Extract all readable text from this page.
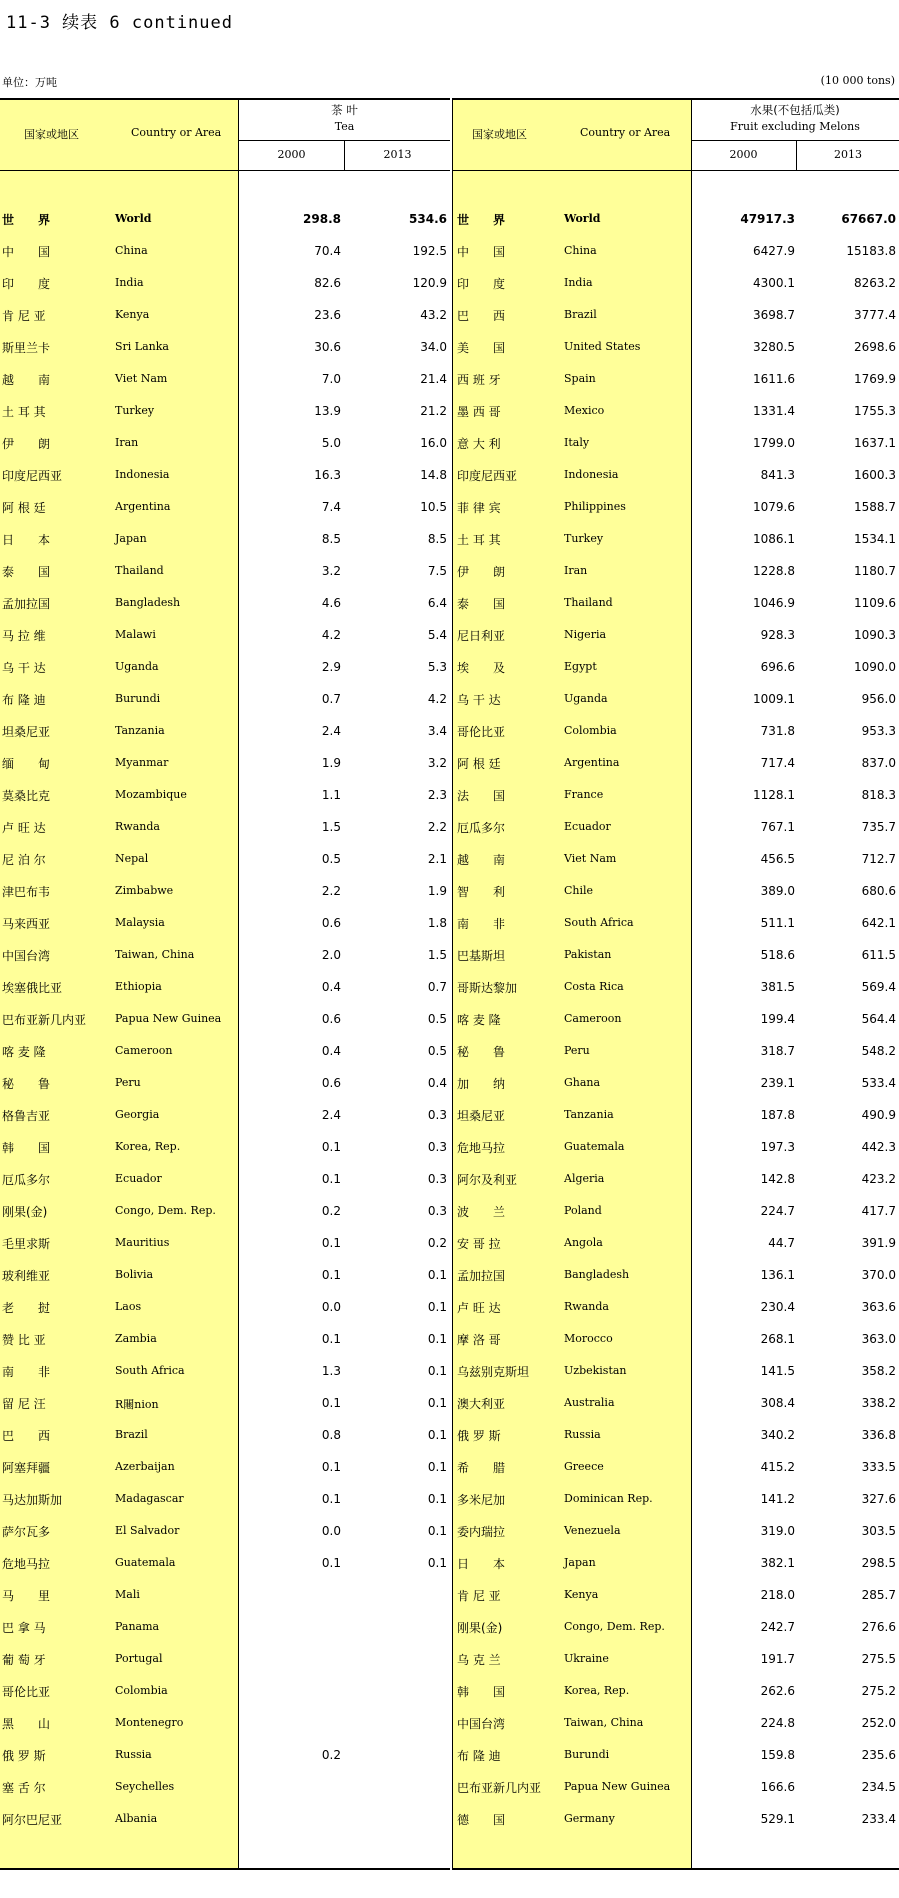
11-3 续表 6 continued
单位：万吨	(10 000 tons)
国家或地区	Country or Area
茶 叶
Tea
2000	2013
世　　界	World	298.8	534.6
中　　国	China	70.4	192.5
印　　度	India	82.6	120.9
肯 尼 亚	Kenya	23.6	43.2
斯里兰卡	Sri Lanka	30.6	34.0
越　　南	Viet Nam	7.0	21.4
土 耳 其	Turkey	13.9	21.2
伊　　朗	Iran	5.0	16.0
印度尼西亚	Indonesia	16.3	14.8
阿 根 廷	Argentina	7.4	10.5
日　　本	Japan	8.5	8.5
泰　　国	Thailand	3.2	7.5
孟加拉国	Bangladesh	4.6	6.4
马 拉 维	Malawi	4.2	5.4
乌 干 达	Uganda	2.9	5.3
布 隆 迪	Burundi	0.7	4.2
坦桑尼亚	Tanzania	2.4	3.4
缅　　甸	Myanmar	1.9	3.2
莫桑比克	Mozambique	1.1	2.3
卢 旺 达	Rwanda	1.5	2.2
尼 泊 尔	Nepal	0.5	2.1
津巴布韦	Zimbabwe	2.2	1.9
马来西亚	Malaysia	0.6	1.8
中国台湾	Taiwan, China	2.0	1.5
埃塞俄比亚	Ethiopia	0.4	0.7
巴布亚新几内亚	Papua New Guinea	0.6	0.5
喀 麦 隆	Cameroon	0.4	0.5
秘　　鲁	Peru	0.6	0.4
格鲁吉亚	Georgia	2.4	0.3
韩　　国	Korea, Rep.	0.1	0.3
厄瓜多尔	Ecuador	0.1	0.3
刚果(金)	Congo, Dem. Rep.	0.2	0.3
毛里求斯	Mauritius	0.1	0.2
玻利维亚	Bolivia	0.1	0.1
老　　挝	Laos	0.0	0.1
赞 比 亚	Zambia	0.1	0.1
南　　非	South Africa	1.3	0.1
留 尼 汪	R闀nion	0.1	0.1
巴　　西	Brazil	0.8	0.1
阿塞拜疆	Azerbaijan	0.1	0.1
马达加斯加	Madagascar	0.1	0.1
萨尔瓦多	El Salvador	0.0	0.1
危地马拉	Guatemala	0.1	0.1
马　　里	Mali
巴 拿 马	Panama
葡 萄 牙	Portugal
哥伦比亚	Colombia
黑　　山	Montenegro
俄 罗 斯	Russia	0.2
塞 舌 尔	Seychelles
阿尔巴尼亚	Albania
国家或地区	Country or Area
水果(不包括瓜类)
Fruit excluding Melons
2000	2013
世　　界	World	47917.3	67667.0
中　　国	China	6427.9	15183.8
印　　度	India	4300.1	8263.2
巴　　西	Brazil	3698.7	3777.4
美　　国	United States	3280.5	2698.6
西 班 牙	Spain	1611.6	1769.9
墨 西 哥	Mexico	1331.4	1755.3
意 大 利	Italy	1799.0	1637.1
印度尼西亚	Indonesia	841.3	1600.3
菲 律 宾	Philippines	1079.6	1588.7
土 耳 其	Turkey	1086.1	1534.1
伊　　朗	Iran	1228.8	1180.7
泰　　国	Thailand	1046.9	1109.6
尼日利亚	Nigeria	928.3	1090.3
埃　　及	Egypt	696.6	1090.0
乌 干 达	Uganda	1009.1	956.0
哥伦比亚	Colombia	731.8	953.3
阿 根 廷	Argentina	717.4	837.0
法　　国	France	1128.1	818.3
厄瓜多尔	Ecuador	767.1	735.7
越　　南	Viet Nam	456.5	712.7
智　　利	Chile	389.0	680.6
南　　非	South Africa	511.1	642.1
巴基斯坦	Pakistan	518.6	611.5
哥斯达黎加	Costa Rica	381.5	569.4
喀 麦 隆	Cameroon	199.4	564.4
秘　　鲁	Peru	318.7	548.2
加　　纳	Ghana	239.1	533.4
坦桑尼亚	Tanzania	187.8	490.9
危地马拉	Guatemala	197.3	442.3
阿尔及利亚	Algeria	142.8	423.2
波　　兰	Poland	224.7	417.7
安 哥 拉	Angola	44.7	391.9
孟加拉国	Bangladesh	136.1	370.0
卢 旺 达	Rwanda	230.4	363.6
摩 洛 哥	Morocco	268.1	363.0
乌兹别克斯坦	Uzbekistan	141.5	358.2
澳大利亚	Australia	308.4	338.2
俄 罗 斯	Russia	340.2	336.8
希　　腊	Greece	415.2	333.5
多米尼加	Dominican Rep.	141.2	327.6
委内瑞拉	Venezuela	319.0	303.5
日　　本	Japan	382.1	298.5
肯 尼 亚	Kenya	218.0	285.7
刚果(金)	Congo, Dem. Rep.	242.7	276.6
乌 克 兰	Ukraine	191.7	275.5
韩　　国	Korea, Rep.	262.6	275.2
中国台湾	Taiwan, China	224.8	252.0
布 隆 迪	Burundi	159.8	235.6
巴布亚新几内亚 Papua New Guinea	166.6	234.5
德　　国	Germany	529.1	233.4
